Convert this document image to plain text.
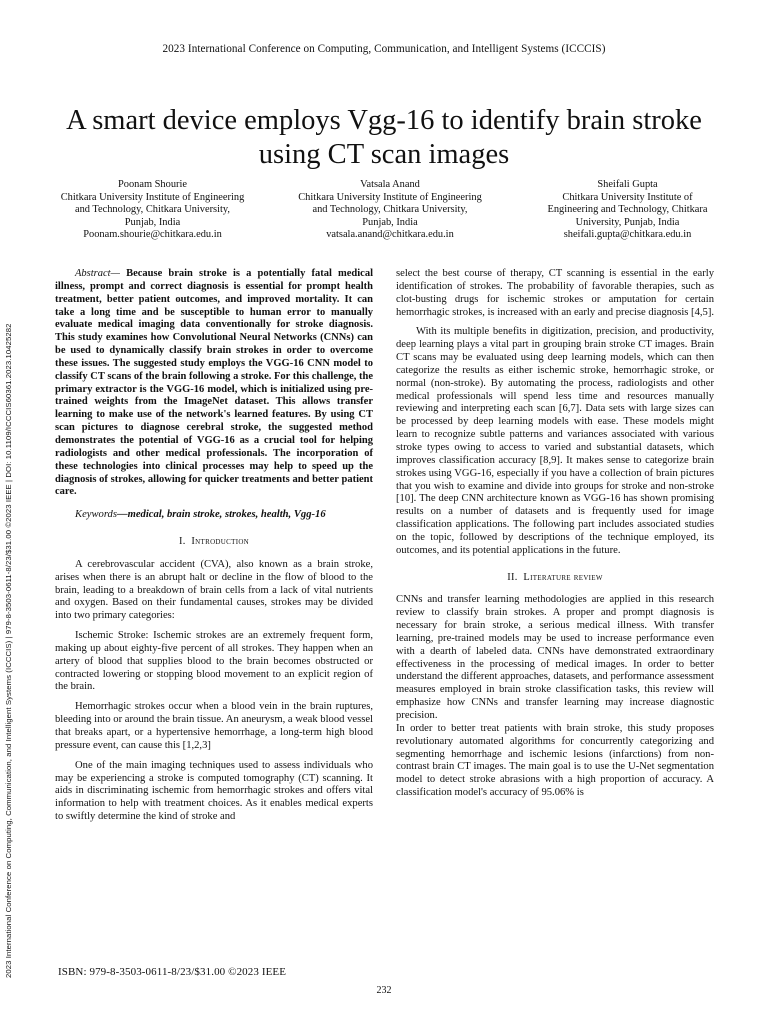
2023 International Conference on Computing, Communication, and Intelligent Systems (ICCCIS)
A smart device employs Vgg-16 to identify brain stroke using CT scan images
Poonam Shourie
Chitkara University Institute of Engineering
and Technology, Chitkara University,
Punjab, India
Poonam.shourie@chitkara.edu.in
Vatsala Anand
Chitkara University Institute of Engineering
and Technology, Chitkara University,
Punjab, India
vatsala.anand@chitkara.edu.in
Sheifali Gupta
Chitkara University Institute of
Engineering and Technology, Chitkara
University, Punjab, India
sheifali.gupta@chitkara.edu.in
2023 International Conference on Computing, Communication, and Intelligent Systems (ICCCIS) | 979-8-3503-0611-8/23/$31.00 ©2023 IEEE | DOI: 10.1109/ICCCIS60361.2023.10425282

Abstract— Because brain stroke is a potentially fatal medical illness, prompt and correct diagnosis is essential for prompt health treatment, better patient outcomes, and improved mortality. It can take a long time and be susceptible to human error to manually evaluate medical imaging data conventionally for stroke diagnosis. This study examines how Convolutional Neural Networks (CNNs) can be used to dynamically classify brain strokes in order to overcome these issues. The suggested study employs the VGG-16 CNN model to classify CT scans of the brain following a stroke. For this challenge, the primary extractor is the VGG-16 model, which is initialized using pre-trained weights from the ImageNet dataset. This allows transfer learning to make use of the network's learned features. By using CT scan pictures to diagnose cerebral stroke, the suggested method demonstrates the potential of VGG-16 as a crucial tool for helping radiologists and other medical professionals. The incorporation of these technologies into clinical processes may help to speed up the diagnosis of strokes, allowing for quicker treatments and better patient care.

Keywords—medical, brain stroke, strokes, health, Vgg-16

I. Introduction

A cerebrovascular accident (CVA), also known as a brain stroke, arises when there is an abrupt halt or decline in the flow of blood to the brain, leading to a breakdown of brain cells from a lack of vital nutrients and oxygen. Based on their fundamental causes, strokes may be divided into two primary categories:

Ischemic Stroke: Ischemic strokes are an extremely frequent form, making up about eighty-five percent of all strokes. They happen when an artery of blood that supplies blood to the brain becomes obstructed or contracted lowering or stopping blood movement to an explicit region of the brain.

Hemorrhagic strokes occur when a blood vein in the brain ruptures, bleeding into or around the brain tissue. An aneurysm, a weak blood vessel that breaks apart, or a hypertensive hemorrhage, a long-term high blood pressure event, can cause this [1,2,3]

One of the main imaging techniques used to assess individuals who may be experiencing a stroke is computed tomography (CT) scanning. It aids in discriminating ischemic from hemorrhagic strokes and offers vital information to help with treatment choices. As it enables medical experts to swiftly determine the kind of stroke and

select the best course of therapy, CT scanning is essential in the early identification of strokes. The probability of favorable therapies, such as clot-busting drugs for ischemic strokes or amputation for certain hemorrhagic strokes, is increased with an early and precise diagnosis [4,5].

With its multiple benefits in digitization, precision, and productivity, deep learning plays a vital part in grouping brain stroke CT images. Brain CT scans may be evaluated using deep learning models, which can then categorize the results as either ischemic stroke, hemorrhagic stroke, or normal (non-stroke). By automating the process, radiologists and other medical professionals will spend less time and resources manually reviewing and interpreting each scan [6,7]. Data sets with large sizes can be processed by deep learning models with ease. These models might learn to recognize subtle patterns and variances associated with various stroke types owing to access to varied and substantial datasets, which improves classification accuracy [8,9]. It makes sense to categorize brain strokes using VGG-16, especially if you have a collection of brain pictures that you wish to examine and divide into groups for stroke and non-stroke [10]. The deep CNN architecture known as VGG-16 has shown promising results on a number of datasets and is frequently used for image classification applications. The following part includes associated studies on the topic, followed by descriptions of the technique employed, its outcomes, and its potential applications in the future.

II. Literature review

CNNs and transfer learning methodologies are applied in this research review to classify brain strokes. A proper and prompt diagnosis is necessary for brain stroke, a serious medical illness. With transfer learning, pre-trained models may be used to increase performance even with a dearth of labeled data. CNNs have demonstrated extraordinary effectiveness in the processing of medical images. In order to better understand the different approaches, datasets, and performance assessment measures employed in brain stroke classification tasks, this review will emphasize how CNNs and transfer learning may increase diagnostic precision.

In order to better treat patients with brain stroke, this study proposes revolutionary automated algorithms for concurrently categorizing and segmenting hemorrhage and ischemic lesions (infarctions) from non-contrast brain CT images. The main goal is to use the U-Net segmentation model to detect stroke abrasions with a high proportion of accuracy. A classification model's accuracy of 95.06% is

ISBN: 979-8-3503-0611-8/23/$31.00 ©2023 IEEE
232
